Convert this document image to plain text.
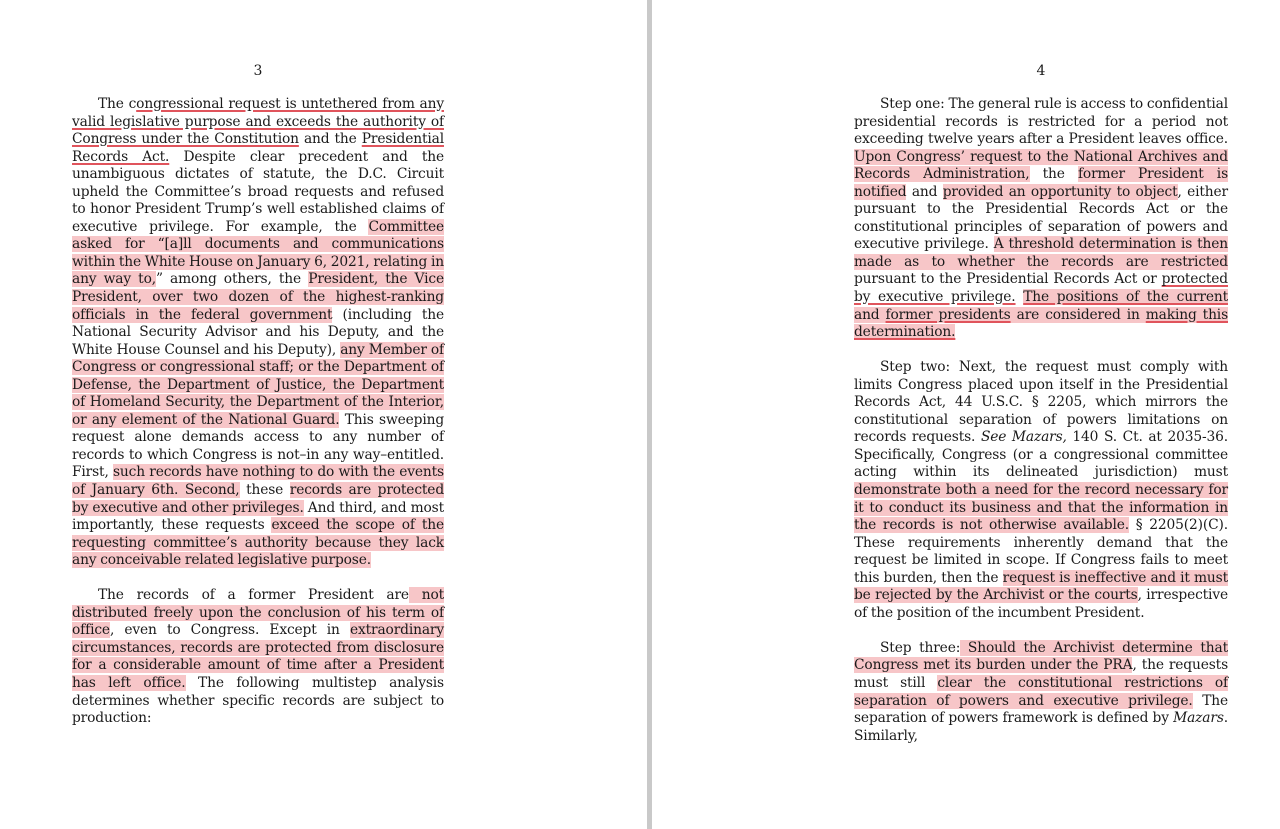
3

The congressional request is untethered from any valid legislative purpose and exceeds the authority of Congress under the Constitution and the Presidential Records Act. Despite clear precedent and the unambiguous dictates of statute, the D.C. Circuit upheld the Committee’s broad requests and refused to honor President Trump’s well established claims of executive privilege. For example, the Committee asked for “[a]ll documents and communications within the White House on January 6, 2021, relating in any way to,” among others, the President, the Vice President, over two dozen of the highest-ranking officials in the federal government (including the National Security Advisor and his Deputy, and the White House Counsel and his Deputy), any Member of Congress or congressional staff; or the Department of Defense, the Department of Justice, the Department of Homeland Security, the Department of the Interior, or any element of the National Guard. This sweeping request alone demands access to any number of records to which Congress is not–in any way–entitled. First, such records have nothing to do with the events of January 6th. Second, these records are protected by executive and other privileges. And third, and most importantly, these requests exceed the scope of the requesting committee’s authority because they lack any conceivable related legislative purpose.

The records of a former President are not distributed freely upon the conclusion of his term of office, even to Congress. Except in extraordinary circumstances, records are protected from disclosure for a considerable amount of time after a President has left office. The following multistep analysis determines whether specific records are subject to production:

4

Step one: The general rule is access to confidential presidential records is restricted for a period not exceeding twelve years after a President leaves office. Upon Congress’ request to the National Archives and Records Administration, the former President is notified and provided an opportunity to object, either pursuant to the Presidential Records Act or the constitutional principles of separation of powers and executive privilege. A threshold determination is then made as to whether the records are restricted pursuant to the Presidential Records Act or protected by executive privilege. The positions of the current and former presidents are considered in making this determination.

Step two: Next, the request must comply with limits Congress placed upon itself in the Presidential Records Act, 44 U.S.C. § 2205, which mirrors the constitutional separation of powers limitations on records requests. See Mazars, 140 S. Ct. at 2035-36. Specifically, Congress (or a congressional committee acting within its delineated jurisdiction) must demonstrate both a need for the record necessary for it to conduct its business and that the information in the records is not otherwise available. § 2205(2)(C). These requirements inherently demand that the request be limited in scope. If Congress fails to meet this burden, then the request is ineffective and it must be rejected by the Archivist or the courts, irrespective of the position of the incumbent President.

Step three: Should the Archivist determine that Congress met its burden under the PRA, the requests must still clear the constitutional restrictions of separation of powers and executive privilege. The separation of powers framework is defined by Mazars. Similarly,
